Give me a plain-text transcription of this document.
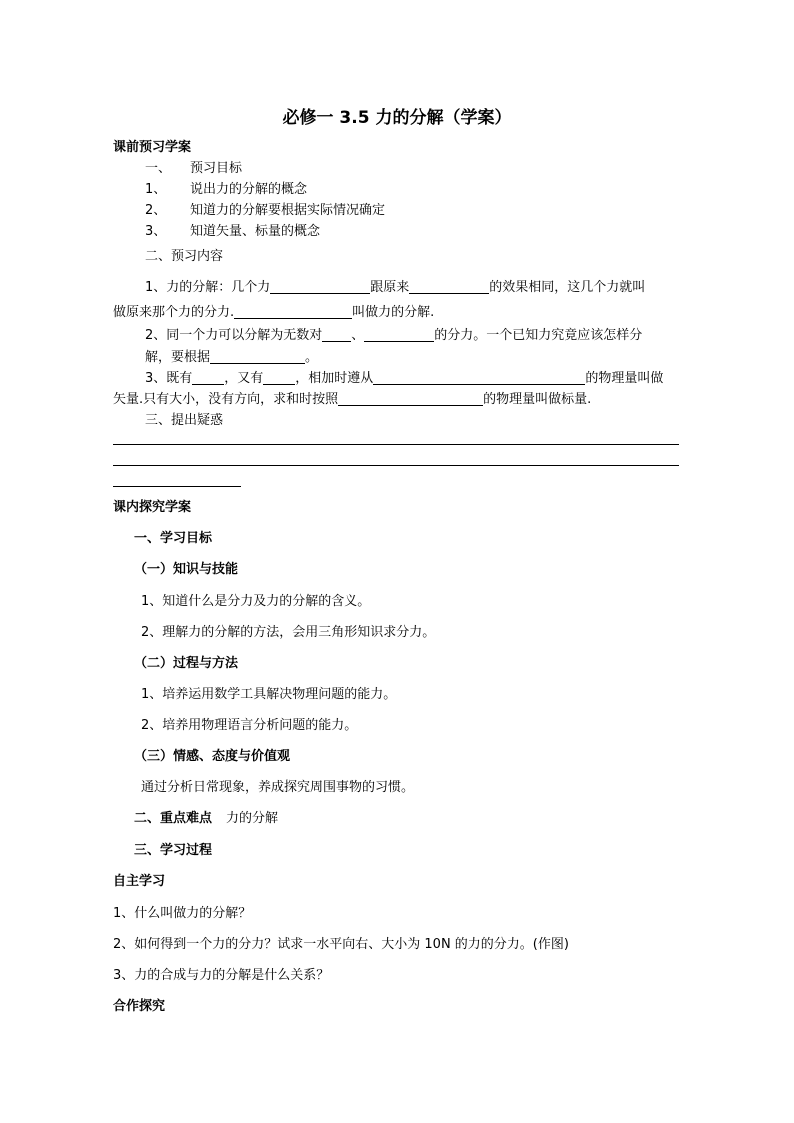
必修一 3.5 力的分解（学案）
课前预习学案
一、 预习目标
1、 说出力的分解的概念
2、 知道力的分解要根据实际情况确定
3、 知道矢量、标量的概念
二、预习内容
1、力的分解：几个力	跟原来	的效果相同，这几个力就叫
做原来那个力的分力.	叫做力的分解.
2、同一个力可以分解为无数对 、	的分力。一个已知力究竟应该怎样分
解，要根据	。
3、既有 ，又有 ，相加时遵从	的物理量叫做
矢量.只有大小，没有方向，求和时按照	的物理量叫做标量.
三、提出疑惑
课内探究学案
一、学习目标
（一）知识与技能
1、知道什么是分力及力的分解的含义。
2、理解力的分解的方法，会用三角形知识求分力。
（二）过程与方法
1、培养运用数学工具解决物理问题的能力。
2、培养用物理语言分析问题的能力。
（三）情感、态度与价值观
通过分析日常现象，养成探究周围事物的习惯。
二、重点难点 力的分解
三、学习过程
自主学习
1、什么叫做力的分解？
2、如何得到一个力的分力？试求一水平向右、大小为 10N 的力的分力。(作图)
3、力的合成与力的分解是什么关系？
合作探究
